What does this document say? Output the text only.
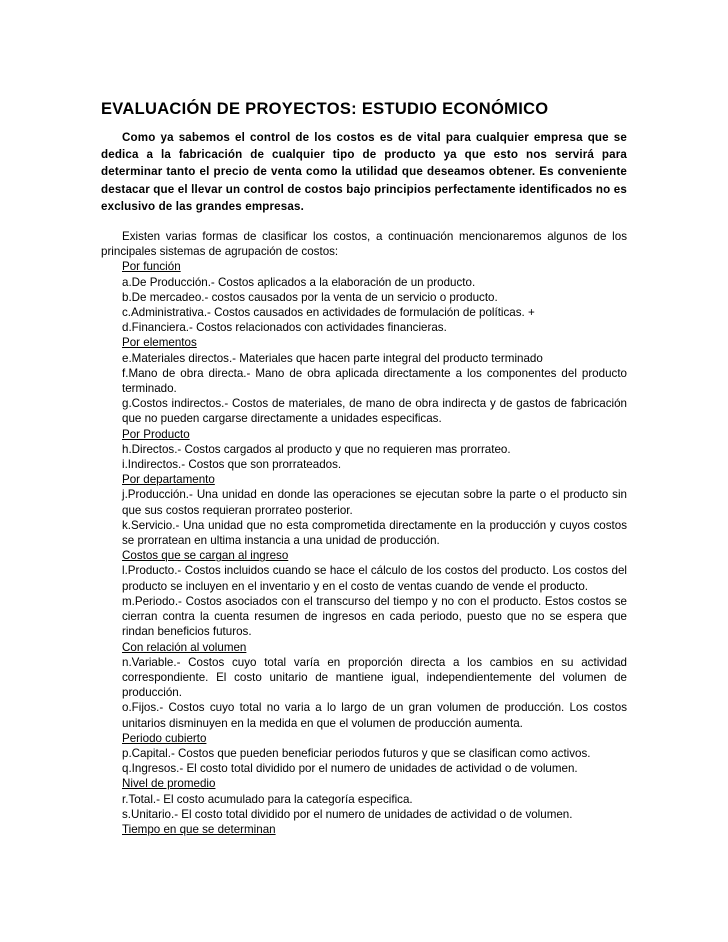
EVALUACIÓN DE PROYECTOS: ESTUDIO ECONÓMICO

Como ya sabemos el control de los costos es de vital para cualquier empresa que se dedica a la fabricación de cualquier tipo de producto ya que esto nos servirá para determinar tanto el precio de venta como la utilidad que deseamos obtener. Es conveniente destacar que el llevar un control de costos bajo principios perfectamente identificados no es exclusivo de las grandes empresas.

Existen varias formas de clasificar los costos, a continuación mencionaremos algunos de los principales sistemas de agrupación de costos:

Por función
a.De Producción.- Costos aplicados a la elaboración de un producto.
b.De mercadeo.- costos causados por la venta de un servicio o producto.
c.Administrativa.- Costos causados en actividades de formulación de políticas. +
d.Financiera.- Costos relacionados con actividades financieras.
Por elementos
e.Materiales directos.- Materiales que hacen parte integral del producto terminado
f.Mano de obra directa.- Mano de obra aplicada directamente a los componentes del producto terminado.
g.Costos indirectos.- Costos de materiales, de mano de obra indirecta y de gastos de fabricación que no pueden cargarse directamente a unidades especificas.
Por Producto
h.Directos.- Costos cargados al producto y que no requieren mas prorrateo.
i.Indirectos.- Costos que son prorrateados.
Por departamento
j.Producción.- Una unidad en donde las operaciones se ejecutan sobre la parte o el producto sin que sus costos requieran prorrateo posterior.
k.Servicio.- Una unidad que no esta comprometida directamente en la producción y cuyos costos se prorratean en ultima instancia a una unidad de producción.
Costos que se cargan al ingreso
l.Producto.- Costos incluidos cuando se hace el cálculo de los costos del producto. Los costos del producto se incluyen en el inventario y en el costo de ventas cuando de vende el producto.
m.Periodo.- Costos asociados con el transcurso del tiempo y no con el producto. Estos costos se cierran contra la cuenta resumen de ingresos en cada periodo, puesto que no se espera que rindan beneficios futuros.
Con relación al volumen
n.Variable.- Costos cuyo total varía en proporción directa a los cambios en su actividad correspondiente. El costo unitario de mantiene igual, independientemente del volumen de producción.
o.Fijos.- Costos cuyo total no varia a lo largo de un gran volumen de producción. Los costos unitarios disminuyen en la medida en que el volumen de producción aumenta.
Periodo cubierto
p.Capital.- Costos que pueden beneficiar periodos futuros y que se clasifican como activos.
q.Ingresos.- El costo total dividido por el numero de unidades de actividad o de volumen.
Nivel de promedio
r.Total.- El costo acumulado para la categoría especifica.
s.Unitario.- El costo total dividido por el numero de unidades de actividad o de volumen.
Tiempo en que se determinan
